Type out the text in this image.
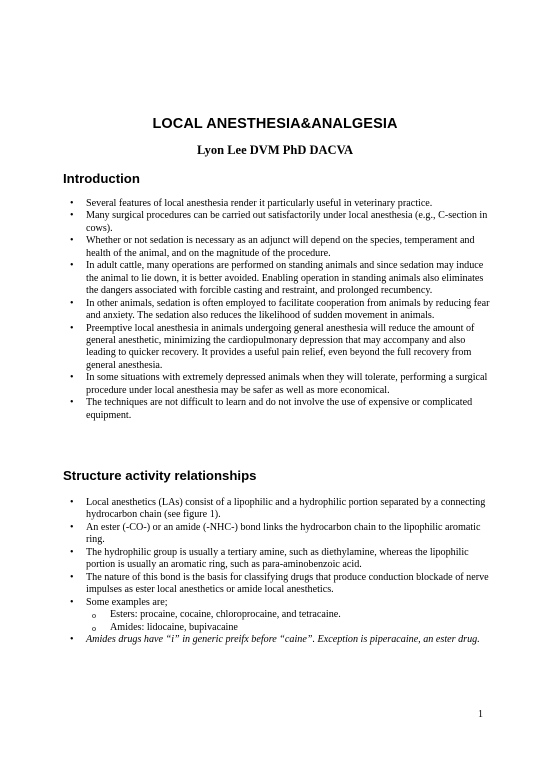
LOCAL ANESTHESIA&ANALGESIA
Lyon Lee DVM PhD DACVA
Introduction
• Several features of local anesthesia render it particularly useful in veterinary practice.
• Many surgical procedures can be carried out satisfactorily under local anesthesia (e.g., C-section in cows).
• Whether or not sedation is necessary as an adjunct will depend on the species, temperament and health of the animal, and on the magnitude of the procedure.
• In adult cattle, many operations are performed on standing animals and since sedation may induce the animal to lie down, it is better avoided. Enabling operation in standing animals also eliminates the dangers associated with forcible casting and restraint, and prolonged recumbency.
• In other animals, sedation is often employed to facilitate cooperation from animals by reducing fear and anxiety. The sedation also reduces the likelihood of sudden movement in animals.
• Preemptive local anesthesia in animals undergoing general anesthesia will reduce the amount of general anesthetic, minimizing the cardiopulmonary depression that may accompany and also leading to quicker recovery. It provides a useful pain relief, even beyond the full recovery from general anesthesia.
• In some situations with extremely depressed animals when they will tolerate, performing a surgical procedure under local anesthesia may be safer as well as more economical.
• The techniques are not difficult to learn and do not involve the use of expensive or complicated equipment.
Structure activity relationships
• Local anesthetics (LAs) consist of a lipophilic and a hydrophilic portion separated by a connecting hydrocarbon chain (see figure 1).
• An ester (-CO-) or an amide (-NHC-) bond links the hydrocarbon chain to the lipophilic aromatic ring.
• The hydrophilic group is usually a tertiary amine, such as diethylamine, whereas the lipophilic portion is usually an aromatic ring, such as para-aminobenzoic acid.
• The nature of this bond is the basis for classifying drugs that produce conduction blockade of nerve impulses as ester local anesthetics or amide local anesthetics.
• Some examples are;
o Esters: procaine, cocaine, chloroprocaine, and tetracaine.
o Amides: lidocaine, bupivacaine
• Amides drugs have “i” in generic preifx before “caine”. Exception is piperacaine, an ester drug.
1
